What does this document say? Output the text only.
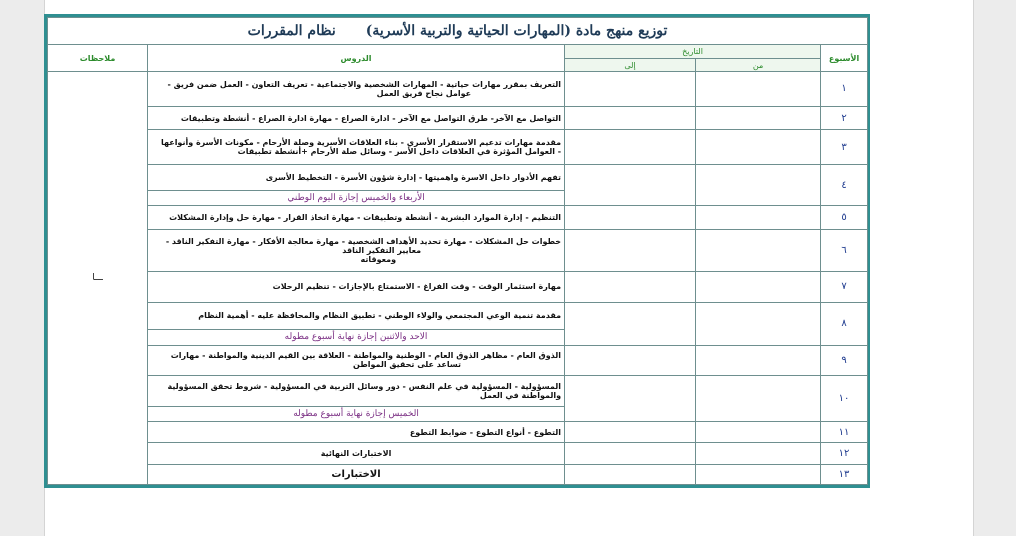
توزيع منهج مادة (المهارات الحياتية والتربية الأسرية)نظام المقررات				
الأسبوع	التاريخ		الدروس	ملاحظات
	من	إلى		
١			التعريف بمقرر مهارات حياتية - المهارات الشخصية والاجتماعية - تعريف التعاون - العمل ضمن فريق -
عوامل نجاح فريق العمل	ـــا
٢			التواصل مع الآخر- طرق التواصل مع الآخر - ادارة الصراع - مهارة ادارة الصراع - أنشطة وتطبيقات	

٣			مقدمة مهارات تدعيم الاستقرار الأسري - بناء العلاقات الأسرية وصلة الأرحام - مكونات الأسرة وأنواعها
- العوامل المؤثرة في العلاقات داخل الأسر - وسائل صلة الأرحام +أنشطة تطبيقات	

٤			تفهم الأدوار داخل الاسرة واهميتها - إدارة شؤون الأسرة - التخطيط الأسرى	

			الأربعاء والخميس إجازة اليوم الوطني	
٥			التنظيم - إدارة الموارد البشرية - أنشطة وتطبيقات - مهارة اتخاذ القرار - مهارة حل وإدارة المشكلات	

٦			خطوات حل المشكلات - مهارة تحديد الأهداف الشخصية - مهارة معالجة الأفكار - مهارة التفكير الناقد -
معايير التفكير الناقد
ومعوقاته	

٧			مهارة استثمار الوقت - وقت الفراغ - الاستمتاع بالإجازات - تنظيم الرحلات	

٨			مقدمة تنمية الوعي المجتمعي والولاء الوطني - تطبيق النظام والمحافظة عليه - أهمية النظام	

			الاحد والاثنين إجازة نهاية أسبوع مطوله	
٩			الذوق العام - مظاهر الذوق العام - الوطنية والمواطنة - العلاقة بين القيم الدينية والمواطنة - مهارات
تساعد على تحقيق المواطن	

١٠			المسؤولية - المسؤولية في علم النفس - دور وسائل التربية في المسؤولية - شروط تحقق المسؤولية
والمواطنة في العمل	

			الخميس إجازة نهاية أسبوع مطوله	
١١			التطوع - أنواع التطوع - ضوابط التطوع	

١٢			الاختبارات النهائية	

١٣			الاختبارات	
